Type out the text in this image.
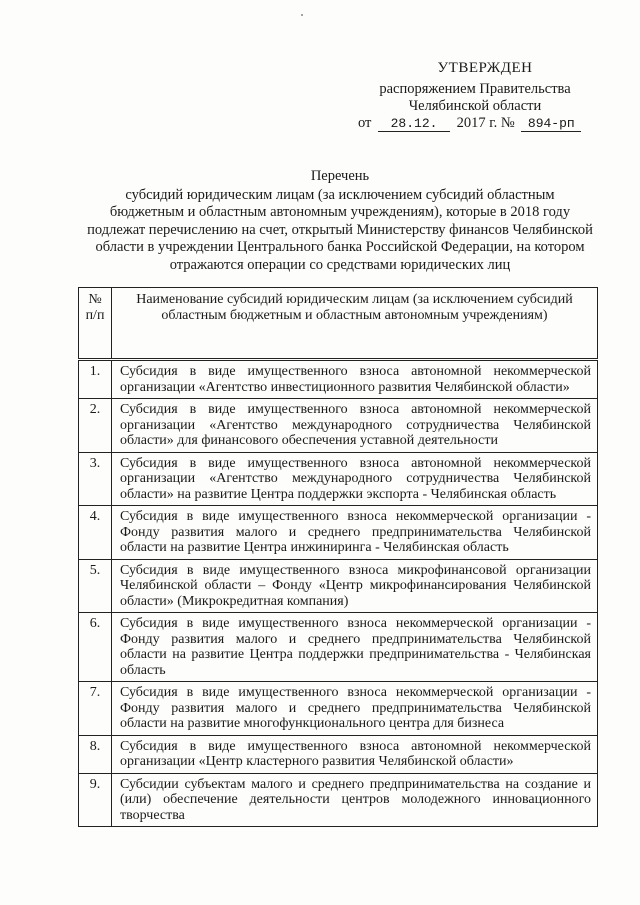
УТВЕРЖДЕН
распоряжением Правительства
Челябинской области
от 28.12. 2017 г. № 894-рп
Перечень
субсидий юридическим лицам (за исключением субсидий областным
бюджетным и областным автономным учреждениям), которые в 2018 году
подлежат перечислению на счет, открытый Министерству финансов Челябинской
области в учреждении Центрального банка Российской Федерации, на котором
отражаются операции со средствами юридических лиц
№ п/п	Наименование субсидий юридическим лицам (за исключением субсидий областным бюджетным и областным автономным учреждениям)
1.	Субсидия в виде имущественного взноса автономной некоммерческой организации «Агентство инвестиционного развития Челябинской области»
2.	Субсидия в виде имущественного взноса автономной некоммерческой организации «Агентство международного сотрудничества Челябинской области» для финансового обеспечения уставной деятельности
3.	Субсидия в виде имущественного взноса автономной некоммерческой организации «Агентство международного сотрудничества Челябинской области» на развитие Центра поддержки экспорта - Челябинская область
4.	Субсидия в виде имущественного взноса некоммерческой организации - Фонду развития малого и среднего предпринимательства Челябинской области на развитие Центра инжиниринга - Челябинская область
5.	Субсидия в виде имущественного взноса микрофинансовой организации Челябинской области – Фонду «Центр микрофинансирования Челябинской области» (Микрокредитная компания)
6.	Субсидия в виде имущественного взноса некоммерческой организации - Фонду развития малого и среднего предпринимательства Челябинской области на развитие Центра поддержки предпринимательства - Челябинская область
7.	Субсидия в виде имущественного взноса некоммерческой организации - Фонду развития малого и среднего предпринимательства Челябинской области на развитие многофункционального центра для бизнеса
8.	Субсидия в виде имущественного взноса автономной некоммерческой организации «Центр кластерного развития Челябинской области»
9.	Субсидии субъектам малого и среднего предпринимательства на создание и (или) обеспечение деятельности центров молодежного инновационного творчества
